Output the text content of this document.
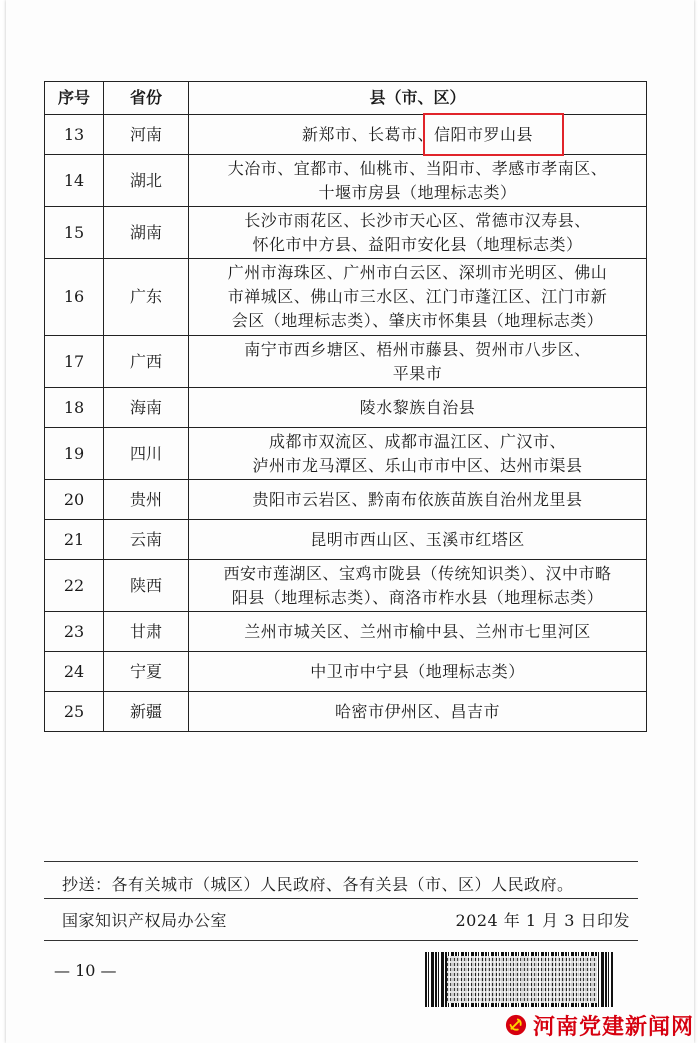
序号	省份	县（市、区）
13	河南	新郑市、长葛市、信阳市罗山县

14	湖北	大冶市、宜都市、仙桃市、当阳市、孝感市孝南区、
十堰市房县（地理标志类）

15	湖南	长沙市雨花区、长沙市天心区、常德市汉寿县、
怀化市中方县、益阳市安化县（地理标志类）

16	广东	广州市海珠区、广州市白云区、深圳市光明区、佛山
市禅城区、佛山市三水区、江门市蓬江区、江门市新
会区（地理标志类）、肇庆市怀集县（地理标志类）

17	广西	南宁市西乡塘区、梧州市藤县、贺州市八步区、
平果市

18	海南	陵水黎族自治县

19	四川	成都市双流区、成都市温江区、广汉市、
泸州市龙马潭区、乐山市市中区、达州市渠县

20	贵州	贵阳市云岩区、黔南布依族苗族自治州龙里县

21	云南	昆明市西山区、玉溪市红塔区

22	陕西	西安市莲湖区、宝鸡市陇县（传统知识类）、汉中市略
阳县（地理标志类）、商洛市柞水县（地理标志类）

23	甘肃	兰州市城关区、兰州市榆中县、兰州市七里河区

24	宁夏	中卫市中宁县（地理标志类）

25	新疆	哈密市伊州区、昌吉市
抄送：各有关城市（城区）人民政府、各有关县（市、区）人民政府。
国家知识产权局办公室	2024 年 1 月 3 日印发
— 10 —
河南党建新闻网
